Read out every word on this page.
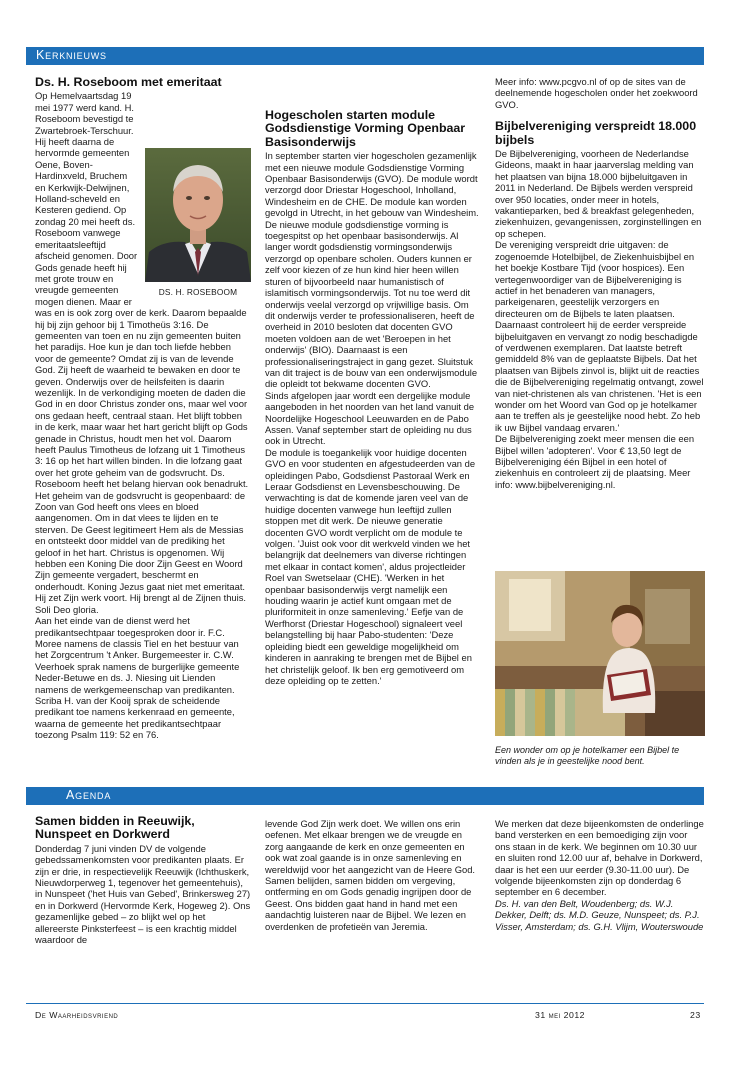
Kerknieuws
Ds. H. Roseboom met emeritaat
DS. H. ROSEBOOM

Op Hemelvaartsdag 19 mei 1977 werd kand. H. Roseboom bevestigd te Zwartebroek-Terschuur. Hij heeft daarna de hervormde gemeenten Oene, Boven-Hardinxveld, Bruchem en Kerkwijk-Delwijnen, Holland-scheveld en Kesteren gediend. Op zondag 20 mei heeft ds. Roseboom vanwege emeritaatsleeftijd afscheid genomen. Door Gods genade heeft hij met grote trouw en vreugde gemeenten mogen dienen. Maar er was en is ook zorg over de kerk. Daarom bepaalde hij bij zijn gehoor bij 1 Timotheüs 3:16. De gemeenten van toen en nu zijn gemeenten buiten het paradijs. Hoe kun je dan toch liefde hebben voor de gemeente? Omdat zij is van de levende God. Zij heeft de waarheid te bewaken en door te geven. Onderwijs over de heilsfeiten is daarin wezenlijk. In de verkondiging moeten de daden die God in en door Christus zonder ons, maar wel voor ons gedaan heeft, centraal staan. Het blijft tobben in de kerk, maar waar het hart gericht blijft op Gods genade in Christus, houdt men het vol. Daarom heeft Paulus Timotheus de lofzang uit 1 Timotheus 3: 16 op het hart willen binden. In die lofzang gaat over het grote geheim van de godsvrucht. Ds. Roseboom heeft het belang hiervan ook benadrukt. Het geheim van de godsvrucht is geopenbaard: de Zoon van God heeft ons vlees en bloed aangenomen. Om in dat vlees te lijden en te sterven. De Geest legitimeert Hem als de Messias en ontsteekt door middel van de prediking het geloof in het hart. Christus is opgenomen. Wij hebben een Koning Die door Zijn Geest en Woord Zijn gemeente vergadert, beschermt en onderhoudt. Koning Jezus gaat niet met emeritaat. Hij zet Zijn werk voort. Hij brengt al de Zijnen thuis. Soli Deo gloria.

Aan het einde van de dienst werd het predikantsechtpaar toegesproken door ir. F.C. Moree namens de classis Tiel en het bestuur van het Zorgcentrum 't Anker. Burgemeester ir. C.W. Veerhoek sprak namens de burgerlijke gemeente Neder-Betuwe en ds. J. Niesing uit Lienden namens de werkgemeenschap van predikanten. Scriba H. van der Kooij sprak de scheidende predikant toe namens kerkenraad en gemeente, waarna de gemeente het predikantsechtpaar toezong Psalm 119: 52 en 76.

Hogescholen starten module Godsdienstige Vorming Openbaar Basisonderwijs

In september starten vier hogescholen gezamenlijk met een nieuwe module Godsdienstige Vorming Openbaar Basisonderwijs (GVO). De module wordt verzorgd door Driestar Hogeschool, Inholland, Windesheim en de CHE. De module kan worden gevolgd in Utrecht, in het gebouw van Windesheim.

De nieuwe module godsdienstige vorming is toegespitst op het openbaar basisonderwijs. Al langer wordt godsdienstig vormingsonderwijs verzorgd op openbare scholen. Ouders kunnen er zelf voor kiezen of ze hun kind hier heen willen sturen of bijvoorbeeld naar humanistisch of islamitisch vormingsonderwijs. Tot nu toe werd dit onderwijs veelal verzorgd op vrijwillige basis. Om dit onderwijs verder te professionaliseren, heeft de overheid in 2010 besloten dat docenten GVO moeten voldoen aan de wet 'Beroepen in het onderwijs' (BIO). Daarnaast is een professionaliseringstraject in gang gezet. Sluitstuk van dit traject is de bouw van een onderwijsmodule die opleidt tot bekwame docenten GVO.

Sinds afgelopen jaar wordt een dergelijke module aangeboden in het noorden van het land vanuit de Noordelijke Hogeschool Leeuwarden en de Pabo Assen. Vanaf september start de opleiding nu dus ook in Utrecht.

De module is toegankelijk voor huidige docenten GVO en voor studenten en afgestudeerden van de opleidingen Pabo, Godsdienst Pastoraal Werk en Leraar Godsdienst en Levensbeschouwing. De verwachting is dat de komende jaren veel van de huidige docenten vanwege hun leeftijd zullen stoppen met dit werk. De nieuwe generatie docenten GVO wordt verplicht om de module te volgen. 'Juist ook voor dit werkveld vinden we het belangrijk dat deelnemers van diverse richtingen met elkaar in contact komen', aldus projectleider Roel van Swetselaar (CHE). 'Werken in het openbaar basisonderwijs vergt namelijk een houding waarin je actief kunt omgaan met de pluriformiteit in onze samenleving.' Eefje van de Werfhorst (Driestar Hogeschool) signaleert veel belangstelling bij haar Pabo-studenten: 'Deze opleiding biedt een geweldige mogelijkheid om kinderen in aanraking te brengen met de Bijbel en het christelijk geloof. Ik ben erg gemotiveerd om deze opleiding op te zetten.'

Meer info: www.pcgvo.nl of op de sites van de deelnemende hogescholen onder het zoekwoord GVO.

Bijbelvereniging verspreidt 18.000 bijbels

De Bijbelvereniging, voorheen de Nederlandse Gideons, maakt in haar jaarverslag melding van het plaatsen van bijna 18.000 bijbeluitgaven in 2011 in Nederland. De Bijbels werden verspreid over 950 locaties, onder meer in hotels, vakantieparken, bed & breakfast gelegenheden, ziekenhuizen, gevangenissen, zorginstellingen en op schepen.

De vereniging verspreidt drie uitgaven: de zogenoemde Hotelbijbel, de Ziekenhuisbijbel en het boekje Kostbare Tijd (voor hospices). Een vertegenwoordiger van de Bijbelvereniging is actief in het benaderen van managers, parkeigenaren, geestelijk verzorgers en directeuren om de Bijbels te laten plaatsen. Daarnaast controleert hij de eerder verspreide bijbeluitgaven en vervangt zo nodig beschadigde of verdwenen exemplaren. Dat laatste betreft gemiddeld 8% van de geplaatste Bijbels. Dat het plaatsen van Bijbels zinvol is, blijkt uit de reacties die de Bijbelvereniging regelmatig ontvangt, zowel van niet-christenen als van christenen. 'Het is een wonder om het Woord van God op je hotelkamer aan te treffen als je geestelijke nood hebt. Zo heb ik uw Bijbel vandaag ervaren.'

De Bijbelvereniging zoekt meer mensen die een Bijbel willen 'adopteren'. Voor € 13,50 legt de Bijbelvereniging één Bijbel in een hotel of ziekenhuis en controleert zij de plaatsing. Meer info: www.bijbelvereniging.nl.

Een wonder om op je hotelkamer een Bijbel te vinden als je in geestelijke nood bent.
Agenda
Samen bidden in Reeuwijk, Nunspeet en Dorkwerd

Donderdag 7 juni vinden DV de volgende gebedssamenkomsten voor predikanten plaats. Er zijn er drie, in respectievelijk Reeuwijk (Ichthuskerk, Nieuwdorperweg 1, tegenover het gemeentehuis), in Nunspeet ('het Huis van Gebed', Brinkersweg 27) en in Dorkwerd (Hervormde Kerk, Hogeweg 2). Ons gezamenlijke gebed – zo blijkt wel op het allereerste Pinksterfeest – is een krachtig middel waardoor de

levende God Zijn werk doet. We willen ons erin oefenen. Met elkaar brengen we de vreugde en zorg aangaande de kerk en onze gemeenten en ook wat zoal gaande is in onze samenleving en wereldwijd voor het aangezicht van de Heere God. Samen belijden, samen bidden om vergeving, ontferming en om Gods genadig ingrijpen door de Geest. Ons bidden gaat hand in hand met een aandachtig luisteren naar de Bijbel. We lezen en overdenken de profetieën van Jeremia.

We merken dat deze bijeenkomsten de onderlinge band versterken en een bemoediging zijn voor ons staan in de kerk. We beginnen om 10.30 uur en sluiten rond 12.00 uur af, behalve in Dorkwerd, daar is het een uur eerder (9.30-11.00 uur). De volgende bijeenkomsten zijn op donderdag 6 september en 6 december.

Ds. H. van den Belt, Woudenberg; ds. W.J. Dekker, Delft; ds. M.D. Geuze, Nunspeet; ds. P.J. Visser, Amsterdam; ds. G.H. Vlijm, Wouterswoude

De Waarheidsvriend	31 mei 2012	23
